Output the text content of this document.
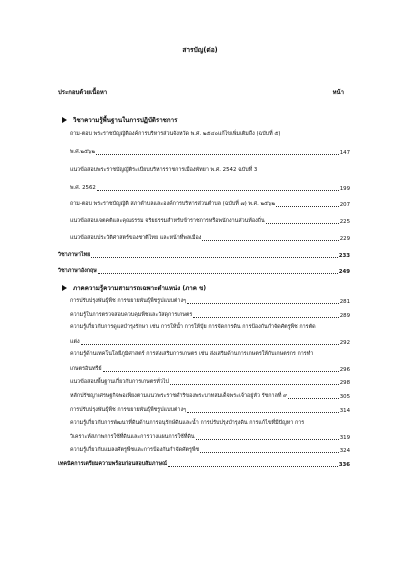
สารบัญ(ต่อ)
ประกอบด้วยเนื้อหา	หน้า
วิชาความรู้พื้นฐานในการปฏิบัติราชการ
ถาม-ตอบ พระราชบัญญัติองค์การบริหารส่วนจังหวัด พ.ศ. ๒๕๔๐แก้ไขเพิ่มเติมถึง (ฉบับที่ ๕)
พ.ศ.๒๕๖๒	147
แนวข้อสอบพระราชบัญญัติระเบียบบริหารราชการเมืองพัทยา พ.ศ. 2542 ฉบับที่ 3
พ.ศ. 2562	199
ถาม-ตอบ พระราชบัญญัติ สภาตำบลและองค์การบริหารส่วนตำบล (ฉบับที่ ๗) พ.ศ. ๒๕๖๒	207
แนวข้อสอบเจตคติและคุณธรรม จริยธรรมสำหรับข้าราชการหรือพนักงานส่วนท้องถิ่น	225
แนวข้อสอบประวัติศาสตร์ของชาติไทย และหน้าที่พลเมือง	229
วิชาภาษาไทย	233
วิชาภาษาอังกฤษ	249
ภาคความรู้ความสามารถเฉพาะตำแหน่ง (ภาค ข)
การปรับปรุงพันธุ์พืช การขยายพันธุ์พืชรูปแบบต่างๆ	281
ความรู้ในการตรวจสอบควบคุมพืชและวัสดุการเกษตร	289
ความรู้เกี่ยวกับการดูแลบำรุงรักษา เช่น การให้น้ำ การให้ปุ๋ย การจัดการดิน การป้องกันกำจัดศัตรูพืช การตัด
แต่ง	292
ความรู้ด้านเทคโนโลยีภูมิศาสตร์ การส่งเสริมการเกษตร เช่น ส่งเสริมด้านการเกษตรให้กับเกษตรกร การทำ
เกษตรอินทรีย์	296
แนวข้อสอบพื้นฐานเกี่ยวกับการเกษตรทั่วไป	298
หลักปรัชญาเศรษฐกิจพอเพียงตามแนวพระราชดำริของพระบาทสมเด็จพระเจ้าอยู่หัว รัชกาลที่ ๙	305
การปรับปรุงพันธุ์พืช การขยายพันธุ์พืชรูปแบบต่างๆ	314
ความรู้เกี่ยวกับการพัฒนาที่ดินด้านการอนุรักษ์ดินและน้ำ การปรับปรุงบำรุงดิน การแก้ไขที่มีปัญหา การ
วิเคราะห์สภาพการใช้ที่ดินและการวางแผนการใช้ที่ดิน	319
ความรู้เกี่ยวกับแมลงศัตรูพืชและการป้องกันกำจัดศัตรูพืช	324
เทคนิคการเตรียมความพร้อมก่อนสอบสัมภาษณ์	336
